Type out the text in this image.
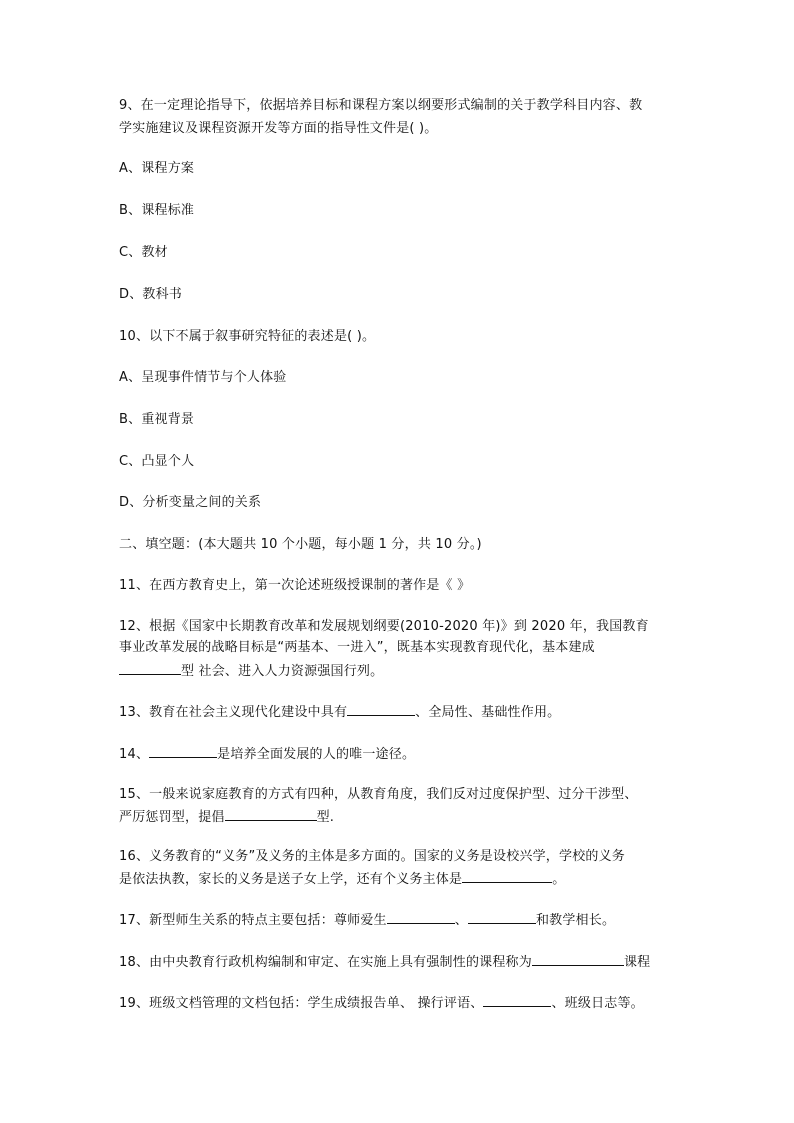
9、在一定理论指导下，依据培养目标和课程方案以纲要形式编制的关于教学科目内容、教
学实施建议及课程资源开发等方面的指导性文件是( )。
A、课程方案
B、课程标准
C、教材
D、教科书
10、以下不属于叙事研究特征的表述是( )。
A、呈现事件情节与个人体验
B、重视背景
C、凸显个人
D、分析变量之间的关系
二、填空题：(本大题共 10 个小题，每小题 1 分，共 10 分。)
11、在西方教育史上，第一次论述班级授课制的著作是《 》
12、根据《国家中长期教育改革和发展规划纲要(2010-2020 年)》到 2020 年，我国教育
事业改革发展的战略目标是“两基本、一进入”，既基本实现教育现代化，基本建成
型 社会、进入人力资源强国行列。
13、教育在社会主义现代化建设中具有	、全局性、基础性作用。
14、	是培养全面发展的人的唯一途径。
15、一般来说家庭教育的方式有四种，从教育角度，我们反对过度保护型、过分干涉型、
严厉惩罚型，提倡	型.
16、义务教育的“义务”及义务的主体是多方面的。国家的义务是设校兴学，学校的义务
是依法执教，家长的义务是送子女上学，还有个义务主体是	。
17、新型师生关系的特点主要包括：尊师爱生	、	和教学相长。
18、由中央教育行政机构编制和审定、在实施上具有强制性的课程称为	课程
19、班级文档管理的文档包括：学生成绩报告单、 操行评语、	、班级日志等。
